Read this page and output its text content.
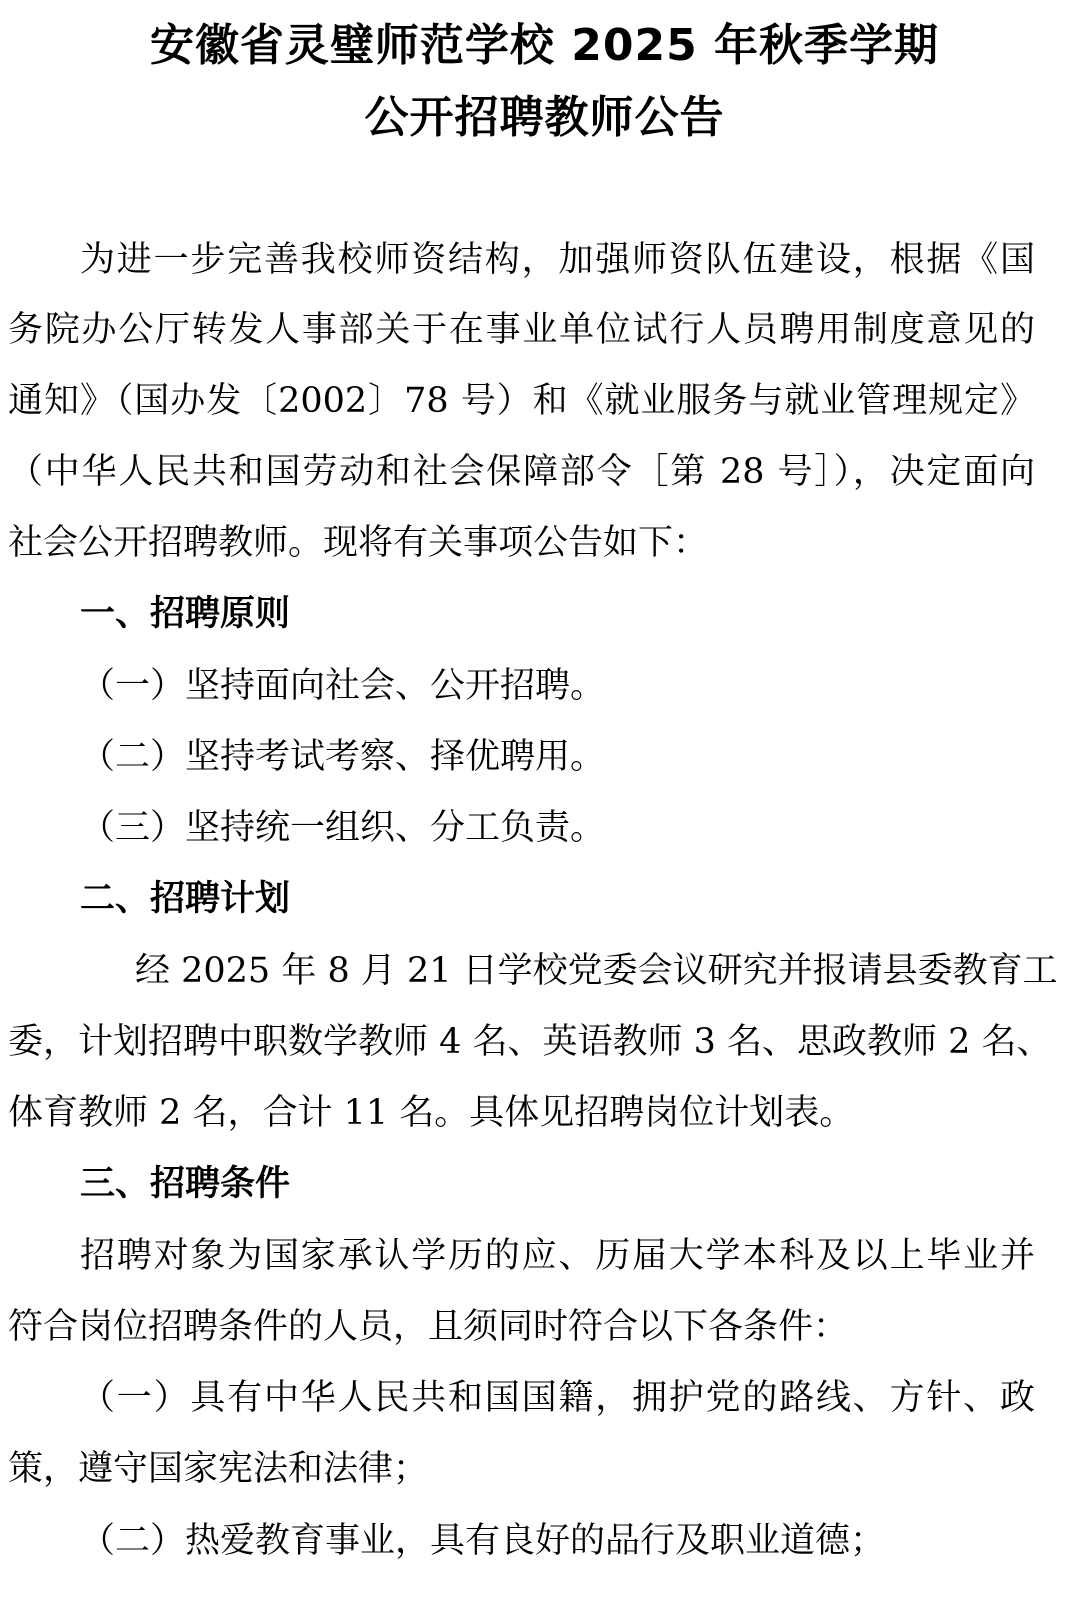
安徽省灵璧师范学校 2025 年秋季学期
公开招聘教师公告

为进一步完善我校师资结构，加强师资队伍建设，根据《国

务院办公厅转发人事部关于在事业单位试行人员聘用制度意见的

通知》（国办发〔2002〕78 号）和《就业服务与就业管理规定》

（中华人民共和国劳动和社会保障部令［第 28 号］），决定面向

社会公开招聘教师。现将有关事项公告如下：

一、招聘原则

（一）坚持面向社会、公开招聘。

（二）坚持考试考察、择优聘用。

（三）坚持统一组织、分工负责。

二、招聘计划

经 2025 年 8 月 21 日学校党委会议研究并报请县委教育工

委，计划招聘中职数学教师 4 名、英语教师 3 名、思政教师 2 名、

体育教师 2 名，合计 11 名。具体见招聘岗位计划表。

三、招聘条件

招聘对象为国家承认学历的应、历届大学本科及以上毕业并

符合岗位招聘条件的人员，且须同时符合以下各条件：

（一）具有中华人民共和国国籍，拥护党的路线、方针、政

策，遵守国家宪法和法律；

（二）热爱教育事业，具有良好的品行及职业道德；
